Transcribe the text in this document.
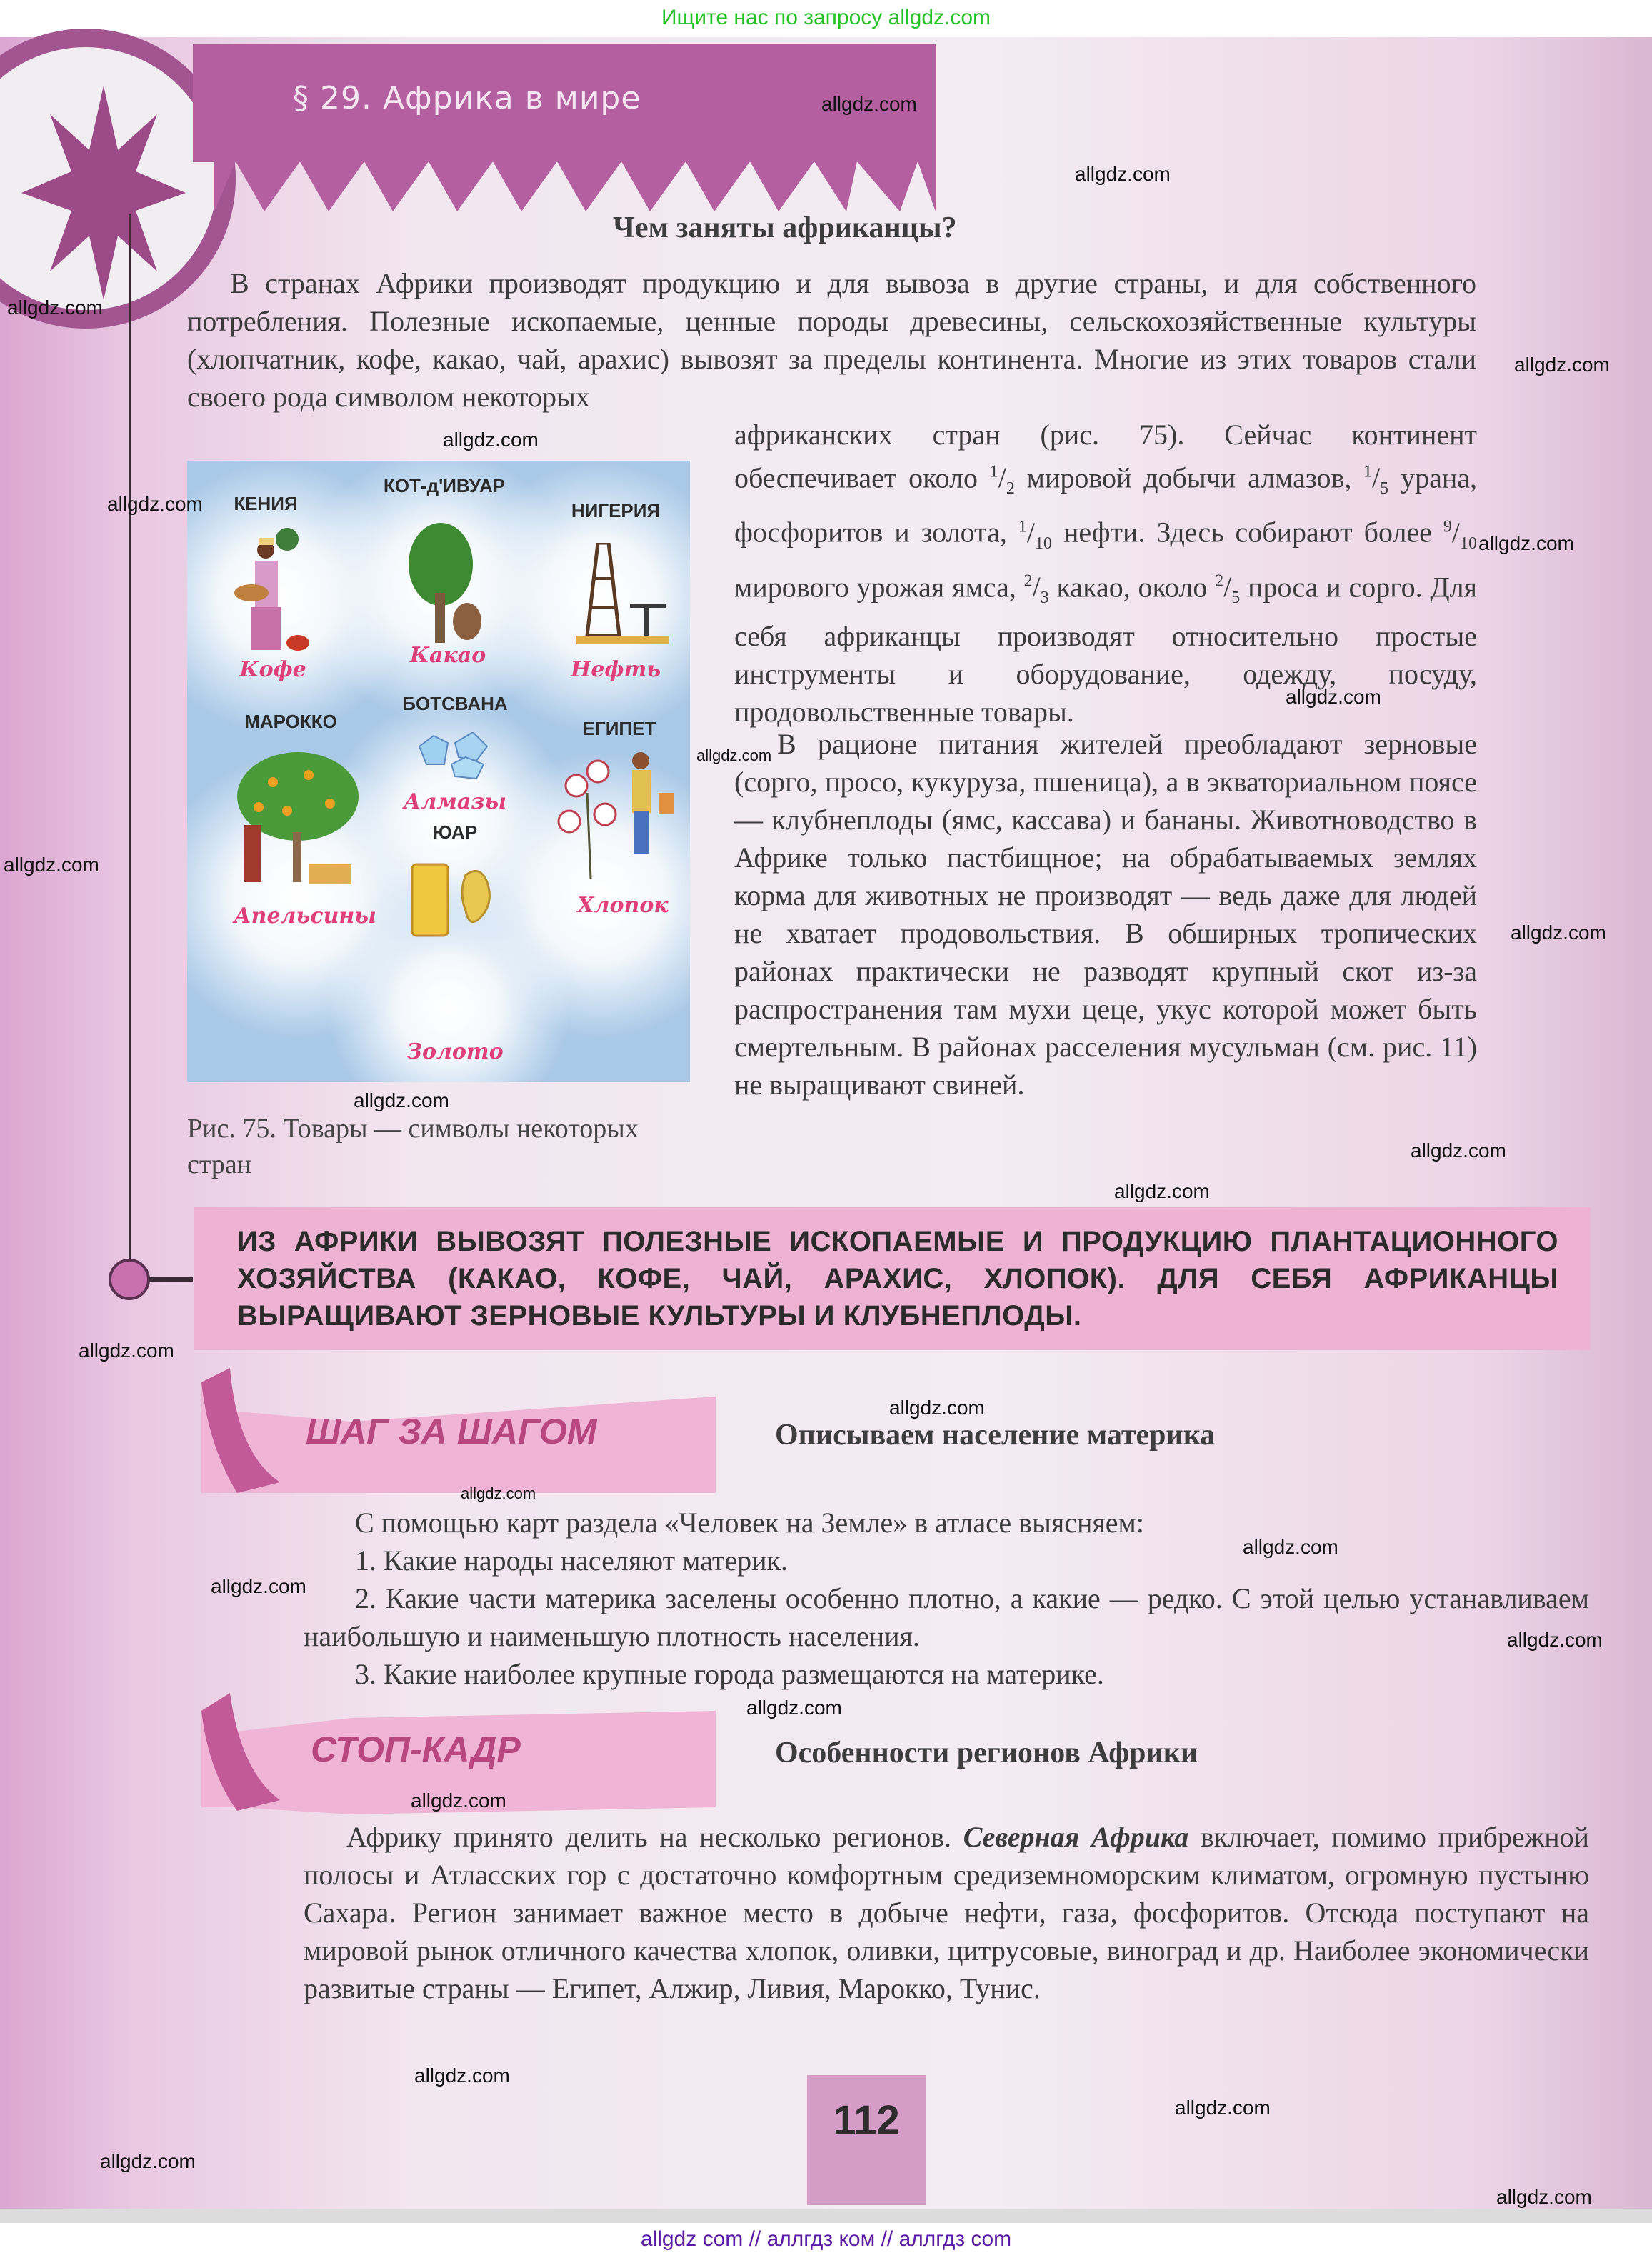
Ищите нас по запросу allgdz.com
§ 29. Африка в мире
Чем заняты африканцы?
В странах Африки производят продукцию и для вывоза в другие страны, и для собственного потребления. Полезные ископаемые, ценные породы древесины, сельскохозяйственные культуры (хлопчатник, кофе, какао, чай, арахис) вывозят за пределы континента. Многие из этих товаров стали своего рода символом некоторых
африканских стран (рис. 75). Сейчас континент обеспечивает около $^1/_2$ мировой добычи алмазов, $^1/_5$ урана, фосфоритов и золота, $^1/_{10}$ нефти. Здесь собирают более $^9/_{10}$ мирового урожая ямса, $^2/_3$ какао, около $^2/_5$ проса и сорго. Для себя африканцы производят относительно простые инструменты и оборудование, одежду, посуду, продовольственные товары.
В рационе питания жителей преобладают зерновые (сорго, просо, кукуруза, пшеница), а в экваториальном поясе — клубнеплоды (ямс, кассава) и бананы. Животноводство в Африке только пастбищное; на обрабатываемых землях корма для животных не производят — ведь даже для людей не хватает продовольствия. В обширных тропических районах практически не разводят крупный скот из-за распространения там мухи цеце, укус которой может быть смертельным. В районах расселения мусульман (см. рис. 11) не выращивают свиней.
КЕНИЯ
КОТ-д'ИВУАР
НИГЕРИЯ
БОТСВАНА
МАРОККО	ЕГИПЕТ
ЮАР
Кофе
Какао
Нефть
Алмазы
Апельсины	Хлопок
Золото
Рис. 75. Товары — символы некоторых стран
ИЗ АФРИКИ ВЫВОЗЯТ ПОЛЕЗНЫЕ ИСКОПАЕМЫЕ И ПРОДУКЦИЮ ПЛАНТАЦИОННОГО ХОЗЯЙСТВА (КАКАО, КОФЕ, ЧАЙ, АРАХИС, ХЛОПОК). ДЛЯ СЕБЯ АФРИКАНЦЫ ВЫРАЩИВАЮТ ЗЕРНОВЫЕ КУЛЬТУРЫ И КЛУБНЕПЛОДЫ.
ШАГ ЗА ШАГОМ	Описываем население материка
С помощью карт раздела «Человек на Земле» в атласе выясняем:
1. Какие народы населяют материк.
2. Какие части материка заселены особенно плотно, а какие — редко. С этой целью устанавливаем наибольшую и наименьшую плотность населения.
3. Какие наиболее крупные города размещаются на материке.
СТОП-КАДР	Особенности регионов Африки
Африку принято делить на несколько регионов. Северная Африка включает, помимо прибрежной полосы и Атласских гор с достаточно комфортным средиземноморским климатом, огромную пустыню Сахара. Регион занимает важное место в добыче нефти, газа, фосфоритов. Отсюда поступают на мировой рынок отличного качества хлопок, оливки, цитрусовые, виноград и др. Наиболее экономически развитые страны — Египет, Алжир, Ливия, Марокко, Тунис.
112
allgdz.com
allgdz.com
allgdz.com
allgdz.com
allgdz.com
allgdz.com
allgdz.com
allgdz.com
allgdz.com
allgdz.com
allgdz.com
allgdz.com
allgdz.com
allgdz.com
allgdz.com
allgdz.com
allgdz.com
allgdz.com
allgdz.com
allgdz.com
allgdz.com
allgdz.com
allgdz.com
allgdz.com
allgdz.com
allgdz.com
allgdz com // аллгдз ком // аллгдз com
